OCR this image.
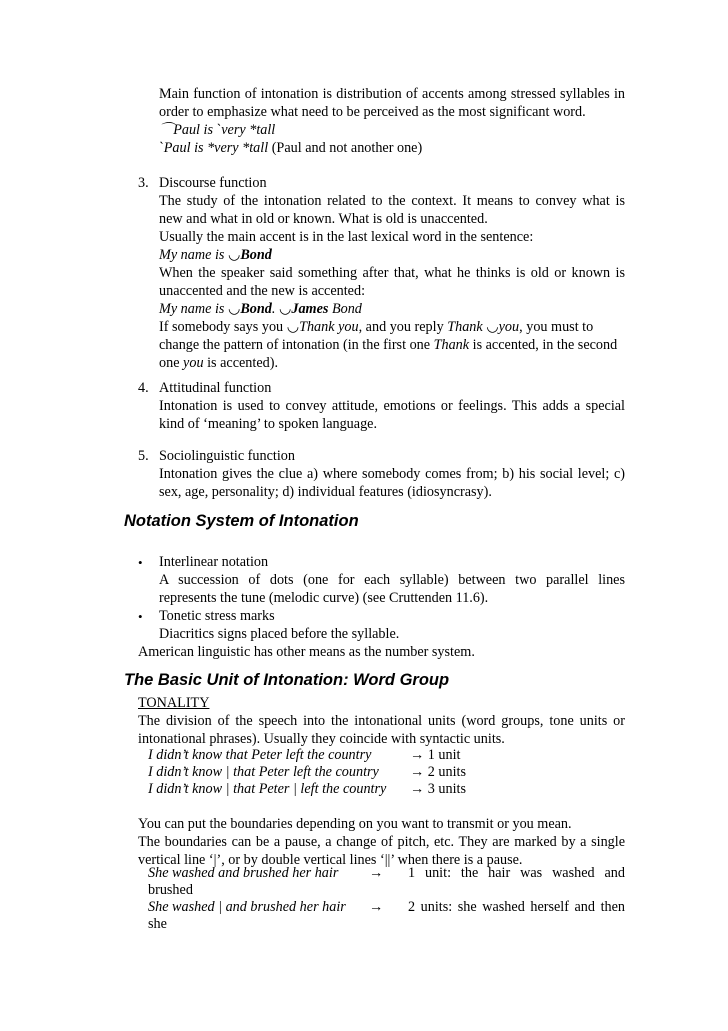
Main function of intonation is distribution of accents among stressed syllables in
order to emphasize what need to be perceived as the most significant word.
⌒Paul is ˋvery *tall
ˋPaul is *very *tall (Paul and not another one)
3. Discourse function
The study of the intonation related to the context. It means to convey what is
new and what in old or known. What is old is unaccented.
Usually the main accent is in the last lexical word in the sentence:
My name is ◡Bond
When the speaker said something after that, what he thinks is old or known is
unaccented and the new is accented:
My name is ◡Bond. ◡James Bond
If somebody says you ◡Thank you, and you reply Thank ◡you, you must to
change the pattern of intonation (in the first one Thank is accented, in the second
one you is accented).
4. Attitudinal function
Intonation is used to convey attitude, emotions or feelings. This adds a special
kind of ‘meaning’ to spoken language.
5. Sociolinguistic function
Intonation gives the clue a) where somebody comes from; b) his social level; c)
sex, age, personality; d) individual features (idiosyncrasy).
Notation System of Intonation
• Interlinear notation
A succession of dots (one for each syllable) between two parallel lines
represents the tune (melodic curve) (see Cruttenden 11.6).
• Tonetic stress marks
Diacritics signs placed before the syllable.
American linguistic has other means as the number system.
The Basic Unit of Intonation: Word Group
TONALITY
The division of the speech into the intonational units (word groups, tone units or
intonational phrases). Usually they coincide with syntactic units.
I didn’t know that Peter left the country	→ 1 unit
I didn’t know | that Peter left the country → 2 units
I didn’t know | that Peter | left the country → 3 units
You can put the boundaries depending on you want to transmit or you mean.
The boundaries can be a pause, a change of pitch, etc. They are marked by a single
vertical line ‘|’, or by double vertical lines ‘||’ when there is a pause.
She washed and brushed her hair → 1 unit: the hair was washed and
brushed
She washed | and brushed her hair → 2 units: she washed herself and then
she
